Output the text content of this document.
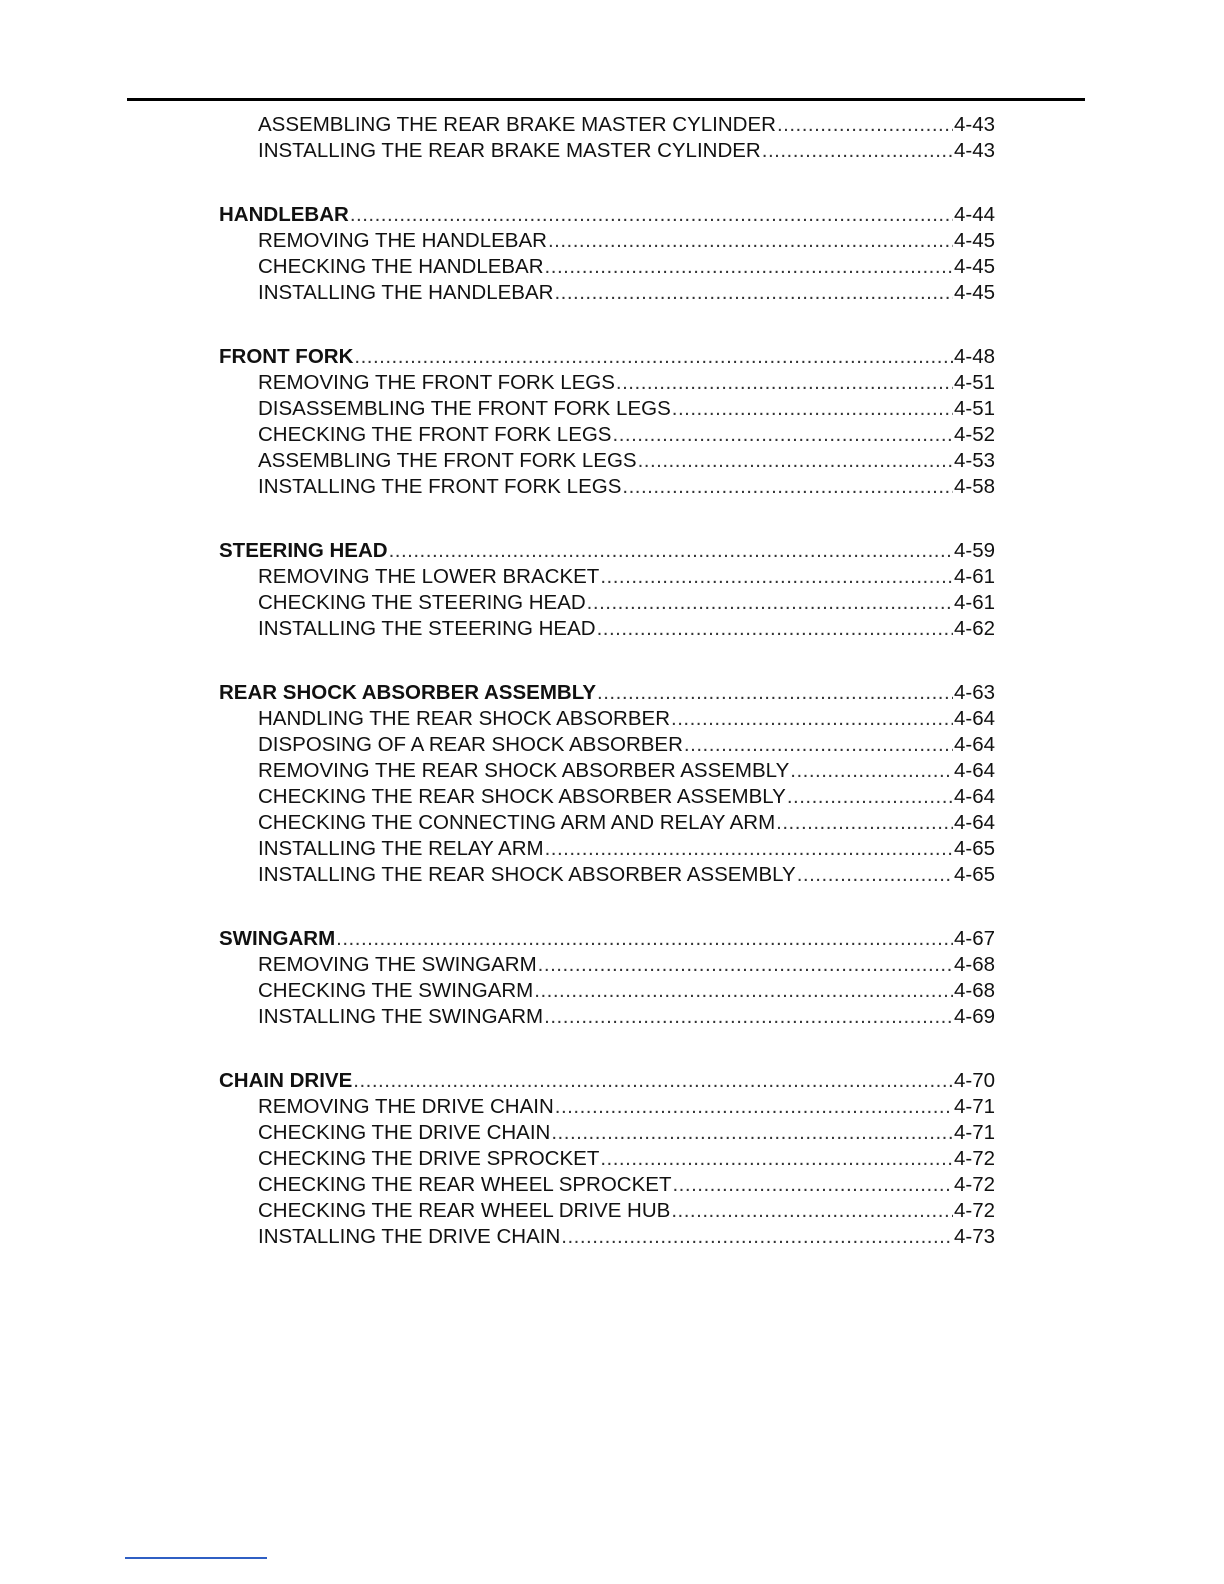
ASSEMBLING THE REAR BRAKE MASTER CYLINDER .....	4-43
INSTALLING THE REAR BRAKE MASTER CYLINDER .....	4-43
HANDLEBAR .....	4-44
REMOVING THE HANDLEBAR .....	4-45
CHECKING THE HANDLEBAR .....	4-45
INSTALLING THE HANDLEBAR .....	4-45
FRONT FORK .....	4-48
REMOVING THE FRONT FORK LEGS .....	4-51
DISASSEMBLING THE FRONT FORK LEGS .....	4-51
CHECKING THE FRONT FORK LEGS .....	4-52
ASSEMBLING THE FRONT FORK LEGS .....	4-53
INSTALLING THE FRONT FORK LEGS .....	4-58
STEERING HEAD .....	4-59
REMOVING THE LOWER BRACKET .....	4-61
CHECKING THE STEERING HEAD .....	4-61
INSTALLING THE STEERING HEAD .....	4-62
REAR SHOCK ABSORBER ASSEMBLY .....	4-63
HANDLING THE REAR SHOCK ABSORBER .....	4-64
DISPOSING OF A REAR SHOCK ABSORBER .....	4-64
REMOVING THE REAR SHOCK ABSORBER ASSEMBLY .....	4-64
CHECKING THE REAR SHOCK ABSORBER ASSEMBLY .....	4-64
CHECKING THE CONNECTING ARM AND RELAY ARM .....	4-64
INSTALLING THE RELAY ARM .....	4-65
INSTALLING THE REAR SHOCK ABSORBER ASSEMBLY .....	4-65
SWINGARM .....	4-67
REMOVING THE SWINGARM .....	4-68
CHECKING THE SWINGARM .....	4-68
INSTALLING THE SWINGARM .....	4-69
CHAIN DRIVE .....	4-70
REMOVING THE DRIVE CHAIN .....	4-71
CHECKING THE DRIVE CHAIN .....	4-71
CHECKING THE DRIVE SPROCKET .....	4-72
CHECKING THE REAR WHEEL SPROCKET .....	4-72
CHECKING THE REAR WHEEL DRIVE HUB .....	4-72
INSTALLING THE DRIVE CHAIN .....	4-73
